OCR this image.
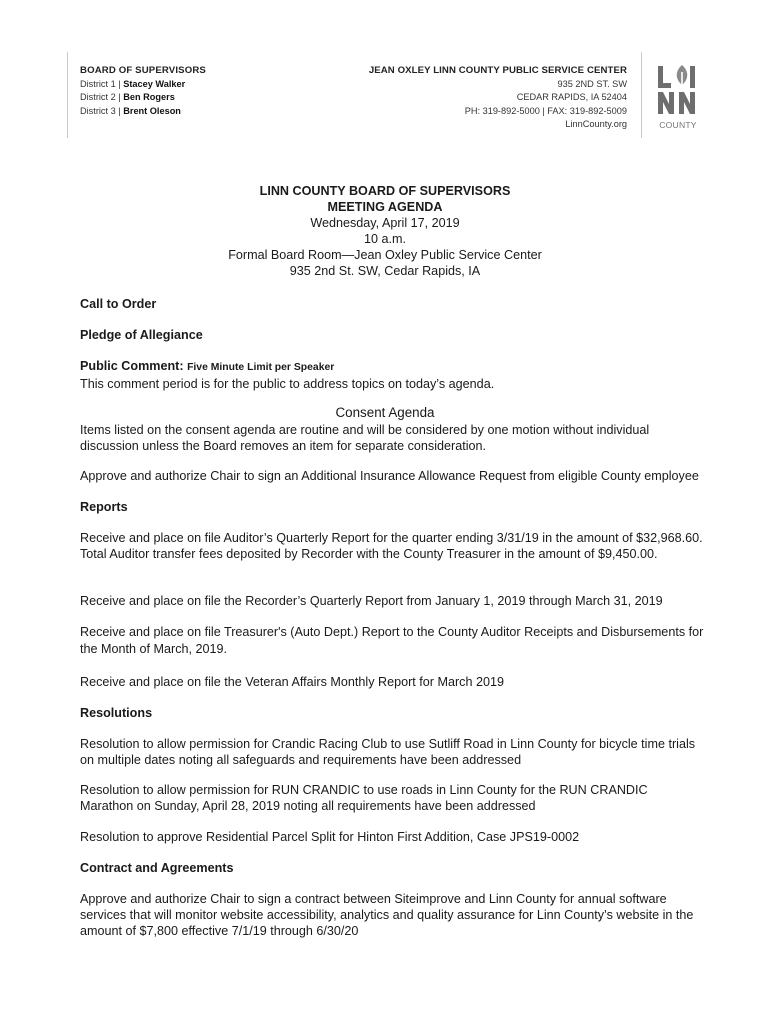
BOARD OF SUPERVISORS
District 1 | Stacey Walker
District 2 | Ben Rogers
District 3 | Brent Oleson
JEAN OXLEY LINN COUNTY PUBLIC SERVICE CENTER
935 2ND ST. SW
CEDAR RAPIDS, IA 52404
PH: 319-892-5000 | FAX: 319-892-5009
LinnCounty.org	COUNTY
LINN COUNTY BOARD OF SUPERVISORS
MEETING AGENDA
Wednesday, April 17, 2019
10 a.m.
Formal Board Room—Jean Oxley Public Service Center
935 2nd St. SW, Cedar Rapids, IA
Call to Order
Pledge of Allegiance
Public Comment: Five Minute Limit per Speaker
This comment period is for the public to address topics on today’s agenda.
Consent Agenda
Items listed on the consent agenda are routine and will be considered by one motion without individual discussion unless the Board removes an item for separate consideration.
Approve and authorize Chair to sign an Additional Insurance Allowance Request from eligible County employee
Reports
Receive and place on file Auditor’s Quarterly Report for the quarter ending 3/31/19 in the amount of $32,968.60. Total Auditor transfer fees deposited by Recorder with the County Treasurer in the amount of $9,450.00.
Receive and place on file the Recorder’s Quarterly Report from January 1, 2019 through March 31, 2019
Receive and place on file Treasurer's (Auto Dept.) Report to the County Auditor Receipts and Disbursements for the Month of March, 2019.
Receive and place on file the Veteran Affairs Monthly Report for March 2019
Resolutions
Resolution to allow permission for Crandic Racing Club to use Sutliff Road in Linn County for bicycle time trials on multiple dates noting all safeguards and requirements have been addressed
Resolution to allow permission for RUN CRANDIC to use roads in Linn County for the RUN CRANDIC Marathon on Sunday, April 28, 2019 noting all requirements have been addressed
Resolution to approve Residential Parcel Split for Hinton First Addition, Case JPS19-0002
Contract and Agreements
Approve and authorize Chair to sign a contract between Siteimprove and Linn County for annual software services that will monitor website accessibility, analytics and quality assurance for Linn County’s website in the amount of $7,800 effective 7/1/19 through 6/30/20
